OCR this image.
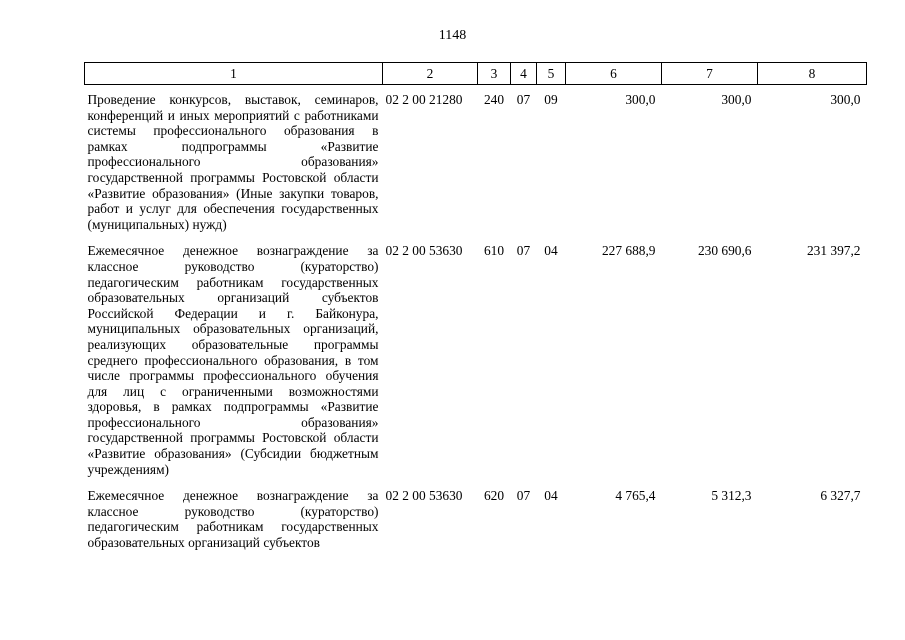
1148
1	2	3	4	5	6	7	8
Проведение конкурсов, выставок, семинаров, конференций и иных мероприятий с работниками системы профессионального образования в рамках подпрограммы «Развитие профессионального образования» государственной программы Ростовской области «Развитие образования» (Иные закупки товаров, работ и услуг для обеспечения государственных (муниципальных) нужд)	02 2 00 21280	240	07	09	300,0	300,0	300,0
Ежемесячное денежное вознаграждение за классное руководство (кураторство) педагогическим работникам государственных образовательных организаций субъектов Российской Федерации и г. Байконура, муниципальных образовательных организаций, реализующих образовательные программы среднего профессионального образования, в том числе программы профессионального обучения для лиц с ограниченными возможностями здоровья, в рамках подпрограммы «Развитие профессионального образования» государственной программы Ростовской области «Развитие образования» (Субсидии бюджетным учреждениям)	02 2 00 53630	610	07	04	227 688,9	230 690,6	231 397,2
Ежемесячное денежное вознаграждение за классное руководство (кураторство) педагогическим работникам государственных образовательных организаций субъектов	02 2 00 53630	620	07	04	4 765,4	5 312,3	6 327,7
